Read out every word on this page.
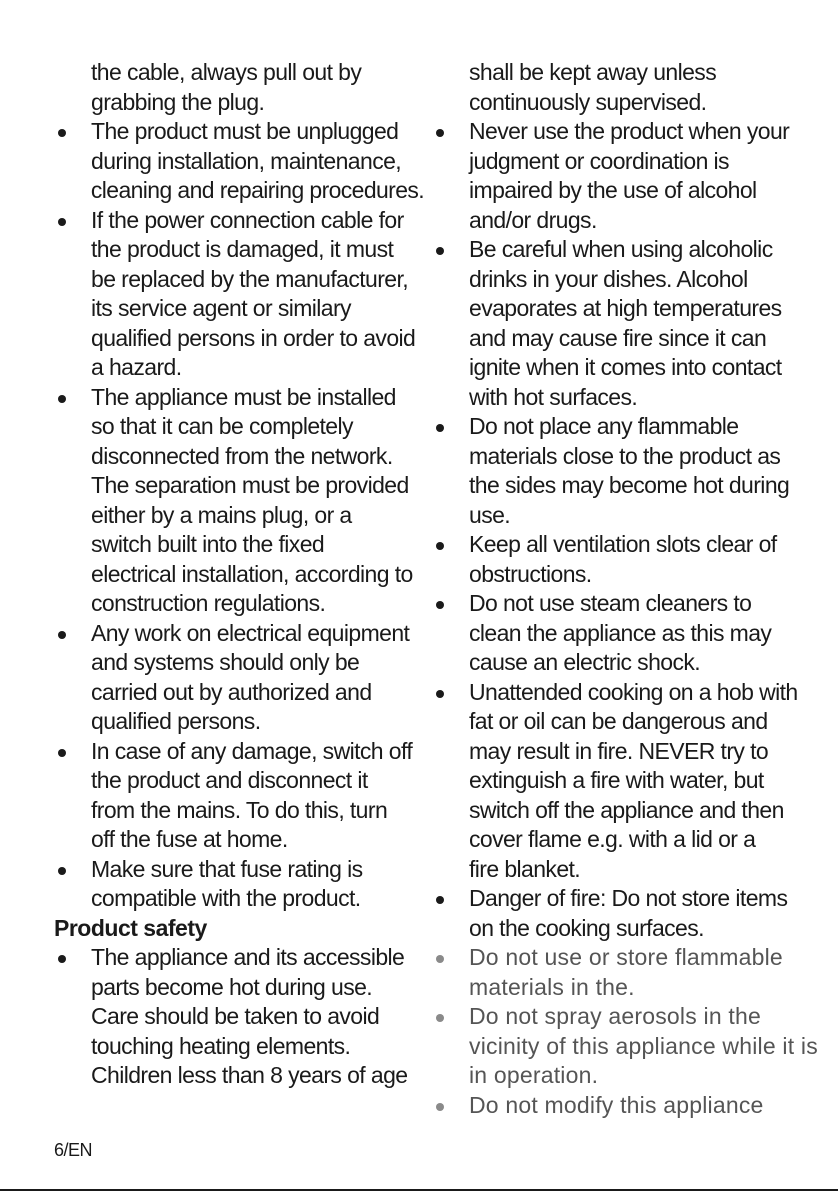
the cable, always pull out by
grabbing the plug.
The product must be unplugged
during installation, maintenance,
cleaning and repairing procedures.
If the power connection cable for
the product is damaged, it must
be replaced by the manufacturer,
its service agent or similary
qualified persons in order to avoid
a hazard.
The appliance must be installed
so that it can be completely
disconnected from the network.
The separation must be provided
either by a mains plug, or a
switch built into the fixed
electrical installation, according to
construction regulations.
Any work on electrical equipment
and systems should only be
carried out by authorized and
qualified persons.
In case of any damage, switch off
the product and disconnect it
from the mains. To do this, turn
off the fuse at home.
Make sure that fuse rating is
compatible with the product.
Product safety
The appliance and its accessible
parts become hot during use.
Care should be taken to avoid
touching heating elements.
Children less than 8 years of age
shall be kept away unless
continuously supervised.
Never use the product when your
judgment or coordination is
impaired by the use of alcohol
and/or drugs.
Be careful when using alcoholic
drinks in your dishes. Alcohol
evaporates at high temperatures
and may cause fire since it can
ignite when it comes into contact
with hot surfaces.
Do not place any flammable
materials close to the product as
the sides may become hot during
use.
Keep all ventilation slots clear of
obstructions.
Do not use steam cleaners to
clean the appliance as this may
cause an electric shock.
Unattended cooking on a hob with
fat or oil can be dangerous and
may result in fire. NEVER try to
extinguish a fire with water, but
switch off the appliance and then
cover flame e.g. with a lid or a
fire blanket.
Danger of fire: Do not store items
on the cooking surfaces.
Do not use or store flammable
materials in the.
Do not spray aerosols in the
vicinity of this appliance while it is
in operation.
Do not modify this appliance
6/EN
